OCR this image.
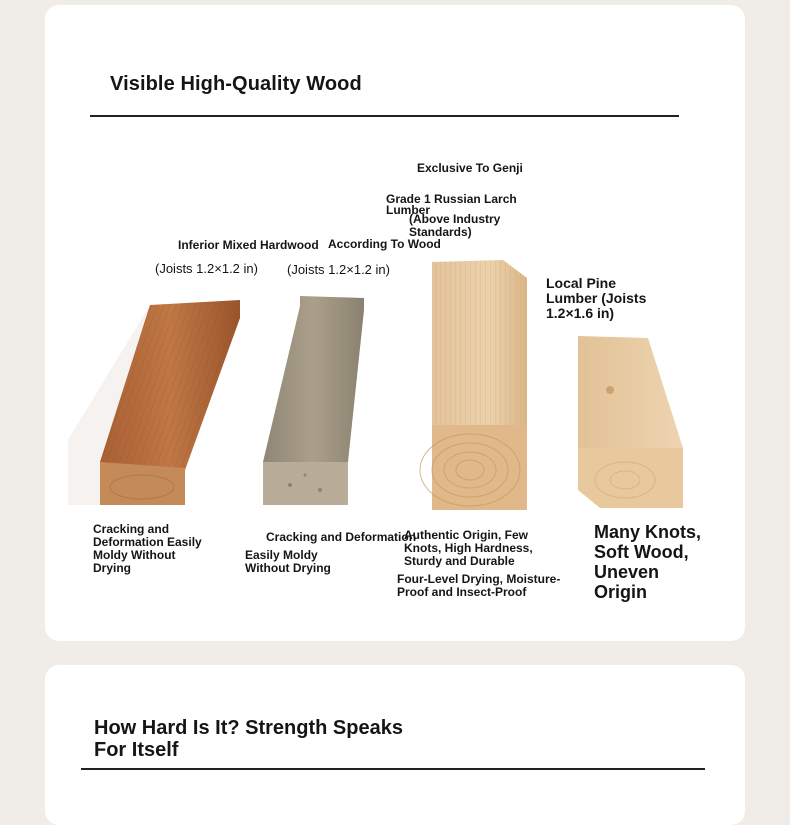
Visible High-Quality Wood
Inferior Mixed Hardwood
(Joists 1.2×1.2 in)
Cracking and Deformation Easily Moldy Without Drying
According To Wood
(Joists 1.2×1.2 in)
Cracking and Deformation
Easily Moldy Without Drying
Exclusive To Genji
Grade 1 Russian Larch Lumber
(Above Industry Standards)
Authentic Origin, Few Knots, High Hardness, Sturdy and Durable
Four-Level Drying, Moisture-Proof and Insect-Proof
Local Pine Lumber (Joists 1.2×1.6 in)
Many Knots, Soft Wood, Uneven Origin
How Hard Is It? Strength Speaks For Itself
